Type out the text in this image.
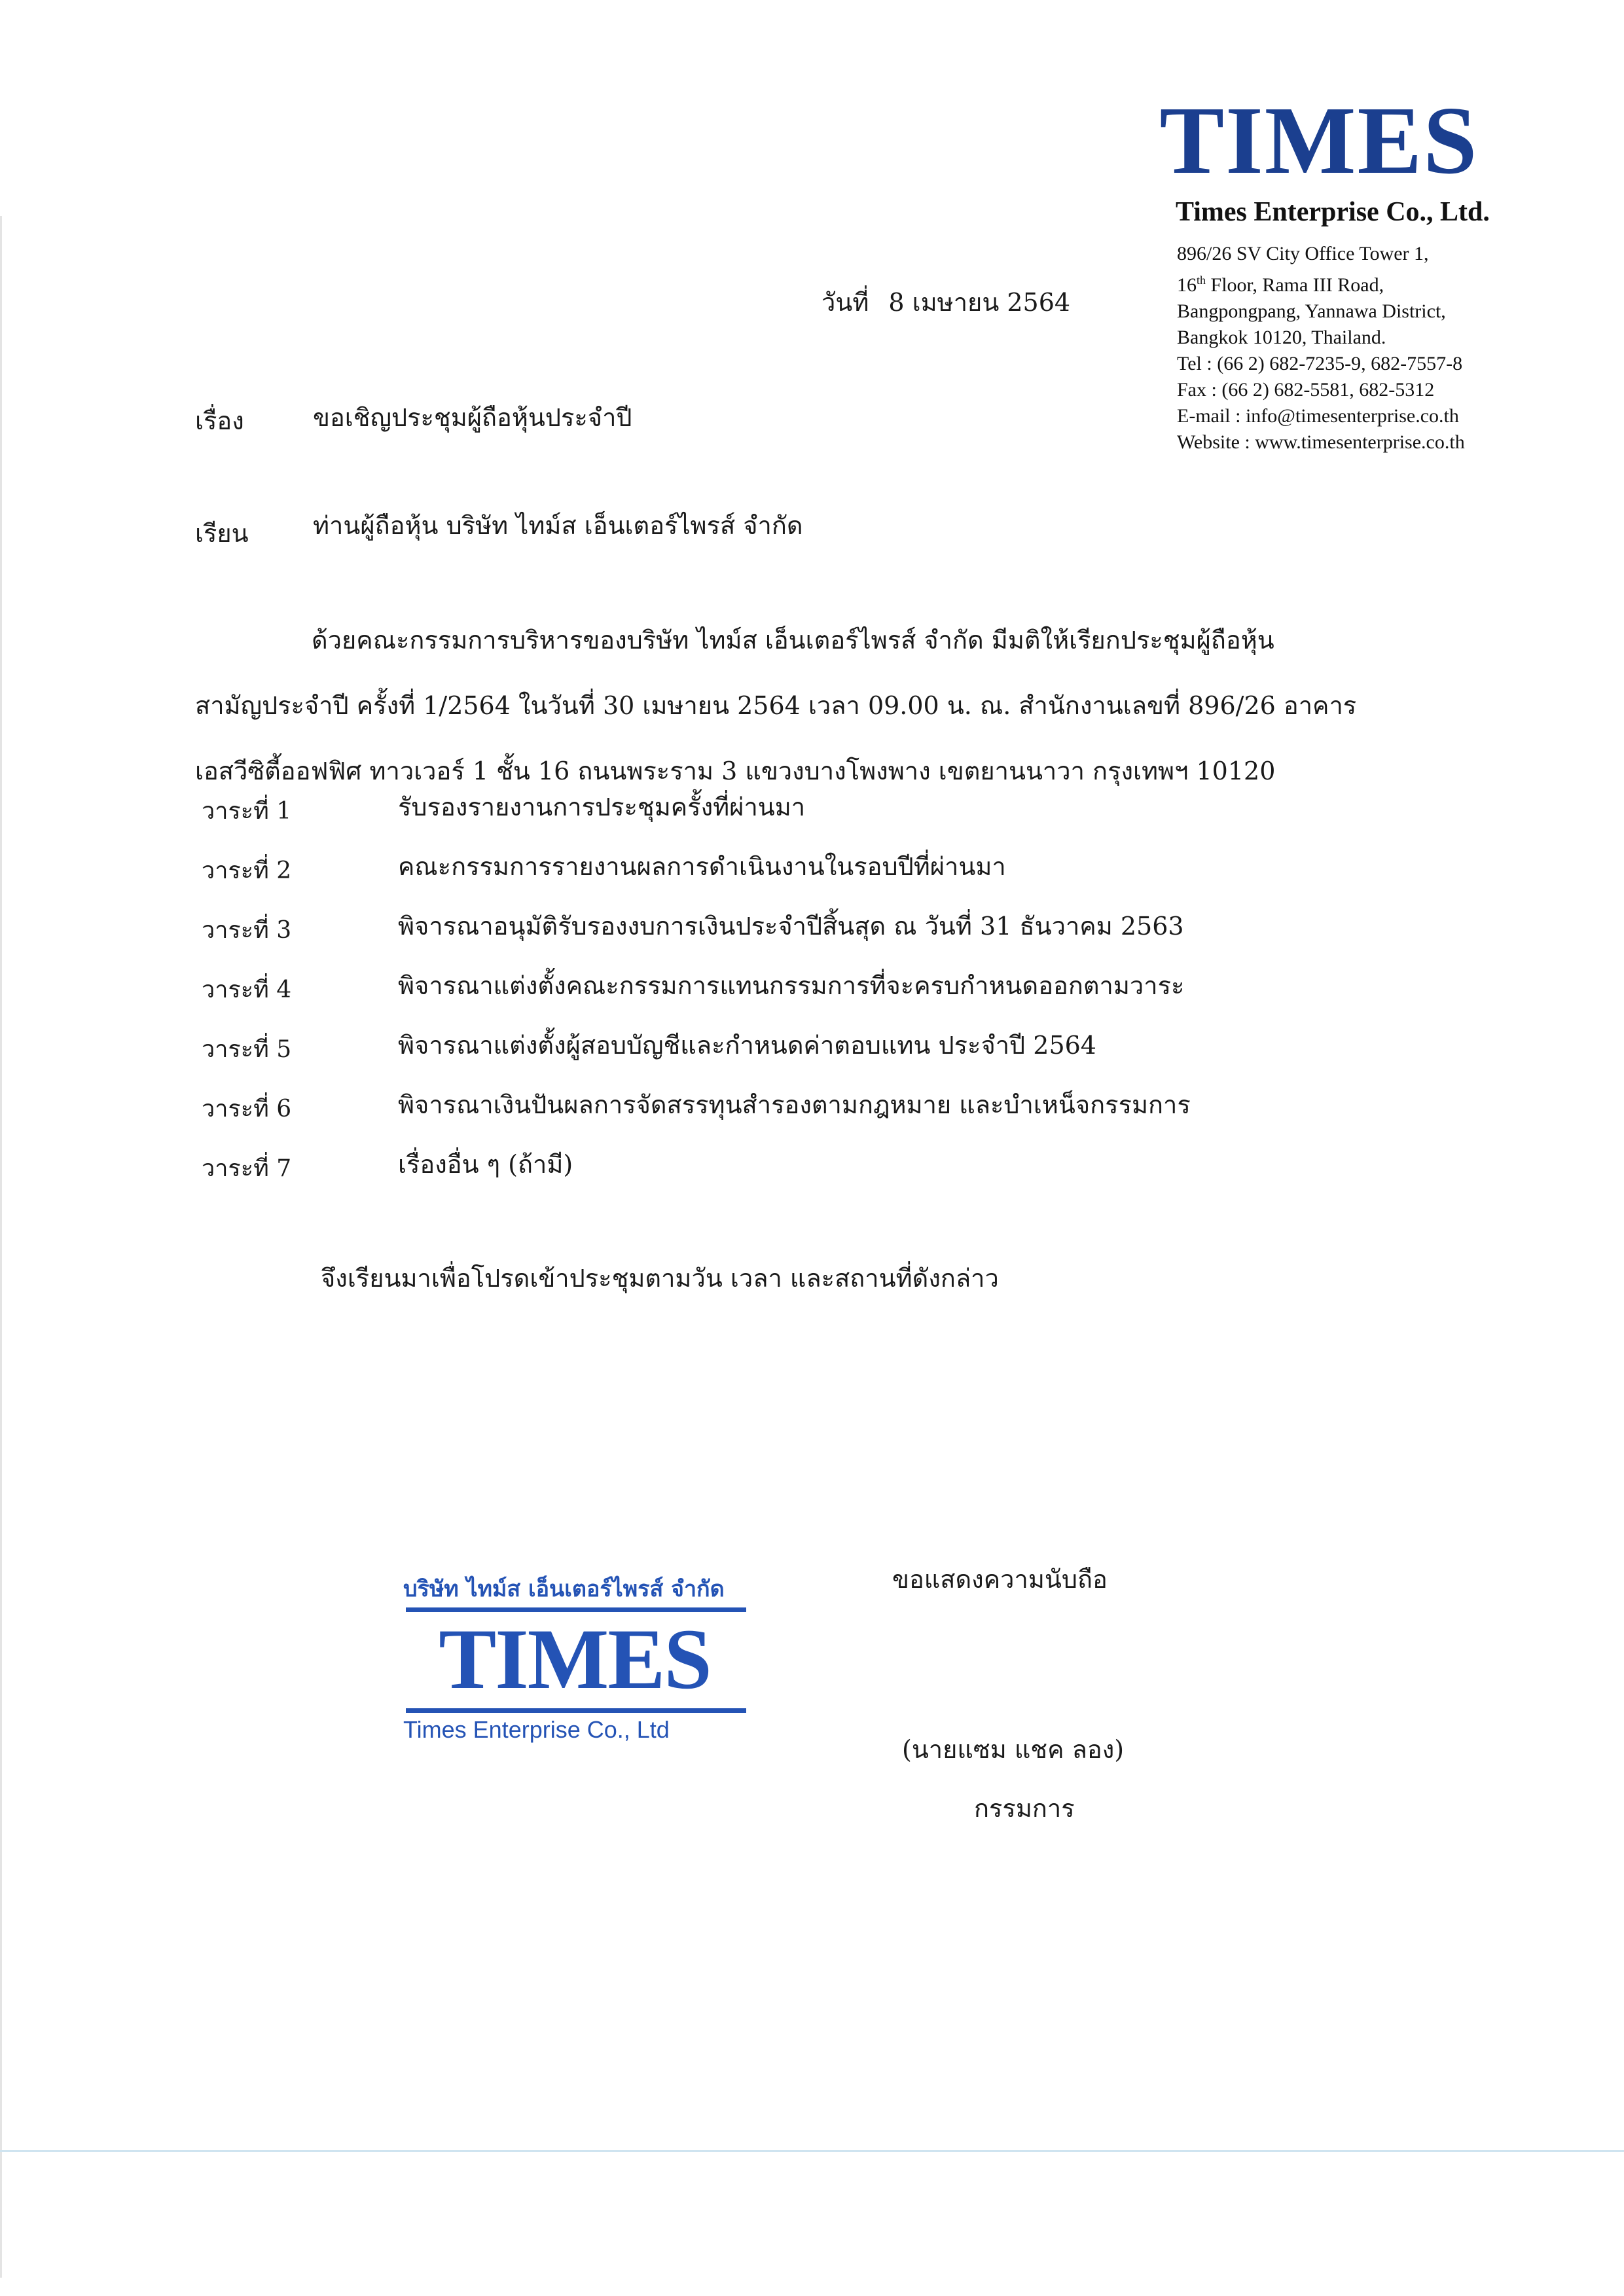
TIMES
Times Enterprise Co., Ltd.
896/26 SV City Office Tower 1,
16th Floor, Rama III Road,
Bangpongpang, Yannawa District,
Bangkok 10120, Thailand.
Tel : (66 2) 682-7235-9, 682-7557-8
Fax : (66 2) 682-5581, 682-5312
E-mail : info@timesenterprise.co.th
Website : www.timesenterprise.co.th
วันที่ 8 เมษายน 2564
เรื่อง	ขอเชิญประชุมผู้ถือหุ้นประจำปี
เรียน	ท่านผู้ถือหุ้น บริษัท ไทม์ส เอ็นเตอร์ไพรส์ จำกัด
ด้วยคณะกรรมการบริหารของบริษัท ไทม์ส เอ็นเตอร์ไพรส์ จำกัด มีมติให้เรียกประชุมผู้ถือหุ้น
สามัญประจำปี ครั้งที่ 1/2564 ในวันที่ 30 เมษายน 2564 เวลา 09.00 น. ณ. สำนักงานเลขที่ 896/26 อาคาร
เอสวีซิตี้ออฟฟิศ ทาวเวอร์ 1 ชั้น 16 ถนนพระราม 3 แขวงบางโพงพาง เขตยานนาวา กรุงเทพฯ 10120
วาระที่ 1	รับรองรายงานการประชุมครั้งที่ผ่านมา
วาระที่ 2	คณะกรรมการรายงานผลการดำเนินงานในรอบปีที่ผ่านมา
วาระที่ 3	พิจารณาอนุมัติรับรองงบการเงินประจำปีสิ้นสุด ณ วันที่ 31 ธันวาคม 2563
วาระที่ 4	พิจารณาแต่งตั้งคณะกรรมการแทนกรรมการที่จะครบกำหนดออกตามวาระ
วาระที่ 5	พิจารณาแต่งตั้งผู้สอบบัญชีและกำหนดค่าตอบแทน ประจำปี 2564
วาระที่ 6	พิจารณาเงินปันผลการจัดสรรทุนสำรองตามกฎหมาย และบำเหน็จกรรมการ
วาระที่ 7	เรื่องอื่น ๆ (ถ้ามี)
จึงเรียนมาเพื่อโปรดเข้าประชุมตามวัน เวลา และสถานที่ดังกล่าว
ขอแสดงความนับถือ
บริษัท ไทม์ส เอ็นเตอร์ไพรส์ จำกัด
TIMES
Times Enterprise Co., Ltd
(นายแซม แชค ลอง)
กรรมการ
